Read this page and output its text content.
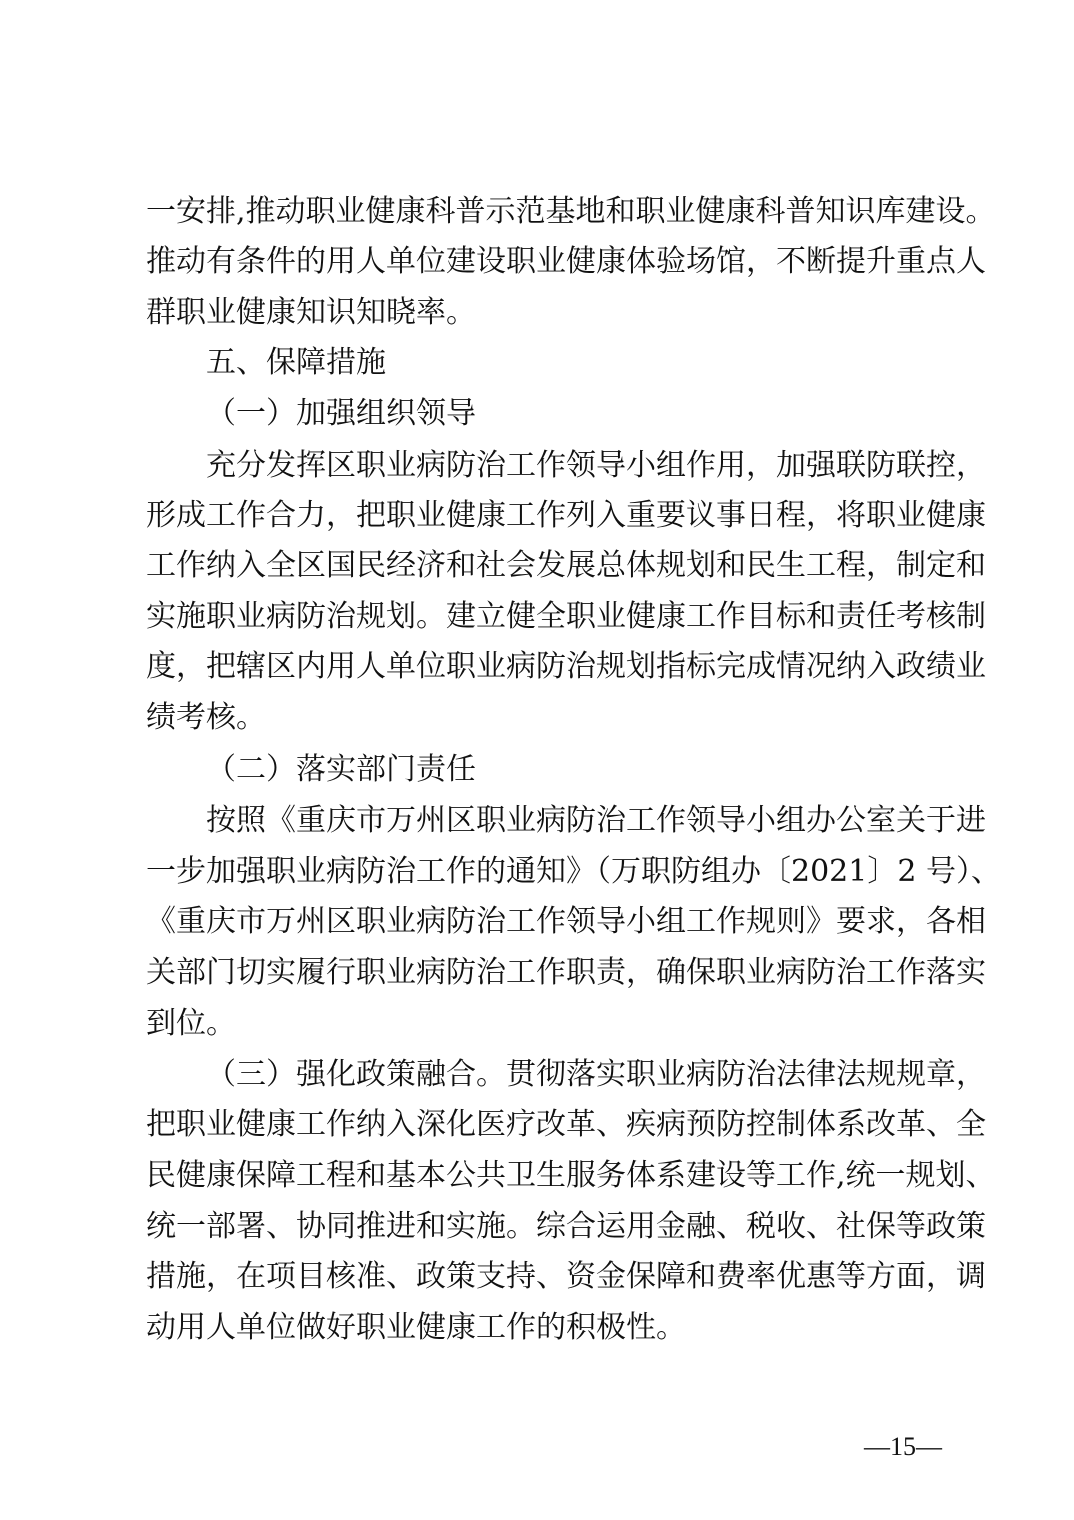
一安排,推动职业健康科普示范基地和职业健康科普知识库建设。
推动有条件的用人单位建设职业健康体验场馆，不断提升重点人
群职业健康知识知晓率。
五、保障措施
（一）加强组织领导
充分发挥区职业病防治工作领导小组作用，加强联防联控，
形成工作合力，把职业健康工作列入重要议事日程，将职业健康
工作纳入全区国民经济和社会发展总体规划和民生工程，制定和
实施职业病防治规划。建立健全职业健康工作目标和责任考核制
度，把辖区内用人单位职业病防治规划指标完成情况纳入政绩业
绩考核。
（二）落实部门责任
按照《重庆市万州区职业病防治工作领导小组办公室关于进
一步加强职业病防治工作的通知》（万职防组办〔2021〕2 号）、
《重庆市万州区职业病防治工作领导小组工作规则》要求，各相
关部门切实履行职业病防治工作职责，确保职业病防治工作落实
到位。
（三）强化政策融合。贯彻落实职业病防治法律法规规章，
把职业健康工作纳入深化医疗改革、疾病预防控制体系改革、全
民健康保障工程和基本公共卫生服务体系建设等工作,统一规划、
统一部署、协同推进和实施。综合运用金融、税收、社保等政策
措施，在项目核准、政策支持、资金保障和费率优惠等方面，调
动用人单位做好职业健康工作的积极性。
—15—
